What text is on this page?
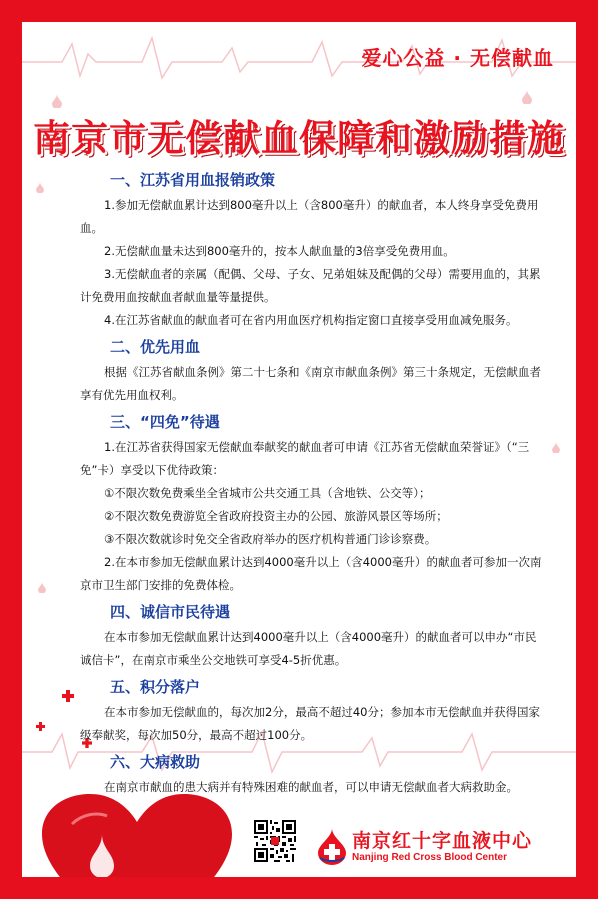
爱心公益 · 无偿献血
南京市无偿献血保障和激励措施
一、江苏省用血报销政策

1.参加无偿献血累计达到800毫升以上（含800毫升）的献血者，本人终身享受免费用血。

2.无偿献血量未达到800毫升的，按本人献血量的3倍享受免费用血。

3.无偿献血者的亲属（配偶、父母、子女、兄弟姐妹及配偶的父母）需要用血的，其累计免费用血按献血者献血量等量提供。

4.在江苏省献血的献血者可在省内用血医疗机构指定窗口直接享受用血减免服务。

二、优先用血

根据《江苏省献血条例》第二十七条和《南京市献血条例》第三十条规定，无偿献血者享有优先用血权利。

三、“四免”待遇

1.在江苏省获得国家无偿献血奉献奖的献血者可申请《江苏省无偿献血荣誉证》（“三免”卡）享受以下优待政策：

①不限次数免费乘坐全省城市公共交通工具（含地铁、公交等）；

②不限次数免费游览全省政府投资主办的公园、旅游风景区等场所；

③不限次数就诊时免交全省政府举办的医疗机构普通门诊诊察费。

2.在本市参加无偿献血累计达到4000毫升以上（含4000毫升）的献血者可参加一次南京市卫生部门安排的免费体检。

四、诚信市民待遇

在本市参加无偿献血累计达到4000毫升以上（含4000毫升）的献血者可以申办“市民诚信卡”，在南京市乘坐公交地铁可享受4-5折优惠。

五、积分落户

在本市参加无偿献血的，每次加2分，最高不超过40分；参加本市无偿献血并获得国家级奉献奖，每次加50分，最高不超过100分。

六、大病救助

在南京市献血的患大病并有特殊困难的献血者，可以申请无偿献血者大病救助金。

南京红十字血液中心
Nanjing Red Cross Blood Center
